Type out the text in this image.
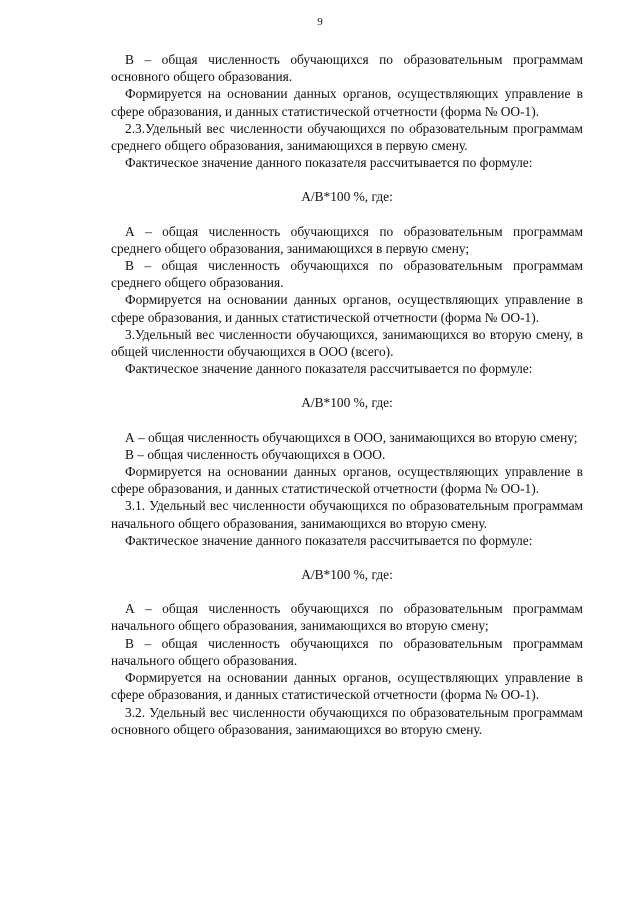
9

В – общая численность обучающихся по образовательным программам основного общего образования.

Формируется на основании данных органов, осуществляющих управление в сфере образования, и данных статистической отчетности (форма № ОО-1).

2.3.Удельный вес численности обучающихся по образовательным программам среднего общего образования, занимающихся в первую смену.

Фактическое значение данного показателя рассчитывается по формуле:

А/В*100 %, где:

А – общая численность обучающихся по образовательным программам среднего общего образования, занимающихся в первую смену;

В – общая численность обучающихся по образовательным программам среднего общего образования.

Формируется на основании данных органов, осуществляющих управление в сфере образования, и данных статистической отчетности (форма № ОО-1).

3.Удельный вес численности обучающихся, занимающихся во вторую смену, в общей численности обучающихся в ООО (всего).

Фактическое значение данного показателя рассчитывается по формуле:

А/В*100 %, где:

А – общая численность обучающихся в ООО, занимающихся во вторую смену;

В – общая численность обучающихся в ООО.

Формируется на основании данных органов, осуществляющих управление в сфере образования, и данных статистической отчетности (форма № ОО-1).

3.1. Удельный вес численности обучающихся по образовательным программам начального общего образования, занимающихся во вторую смену.

Фактическое значение данного показателя рассчитывается по формуле:

А/В*100 %, где:

А – общая численность обучающихся по образовательным программам начального общего образования, занимающихся во вторую смену;

В – общая численность обучающихся по образовательным программам начального общего образования.

Формируется на основании данных органов, осуществляющих управление в сфере образования, и данных статистической отчетности (форма № ОО-1).

3.2. Удельный вес численности обучающихся по образовательным программам основного общего образования, занимающихся во вторую смену.
